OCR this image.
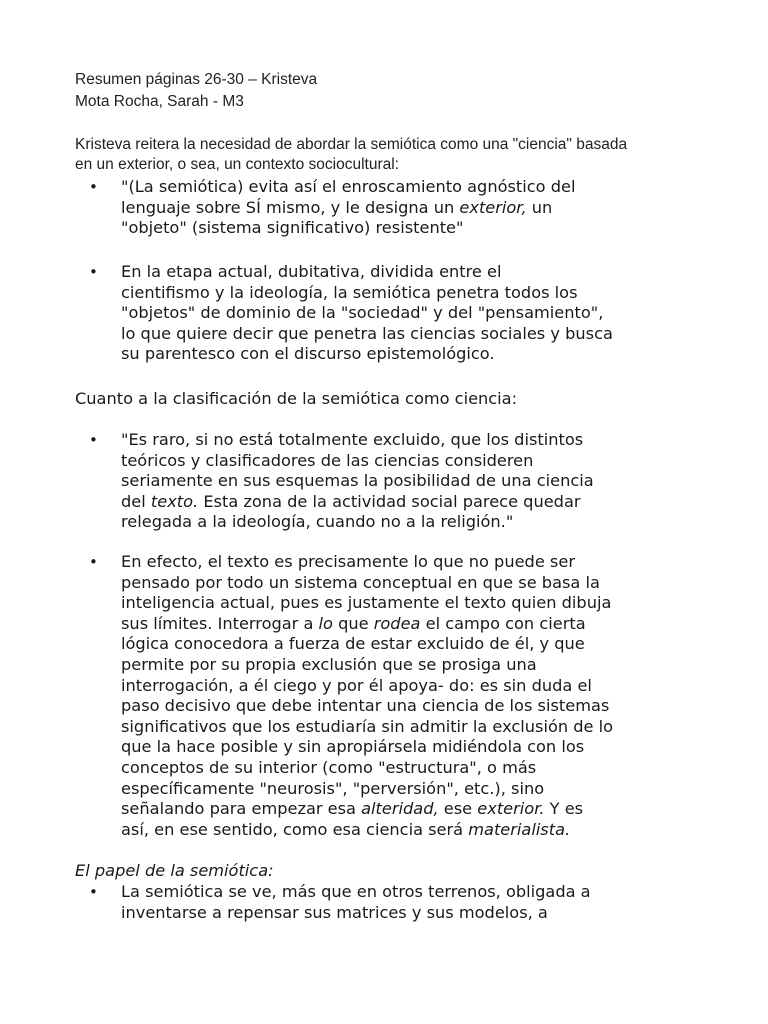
Resumen páginas 26-30 – Kristeva
Mota Rocha, Sarah - M3
Kristeva reitera la necesidad de abordar la semiótica como una "ciencia" basada
en un exterior, o sea, un contexto sociocultural:
• "(La semiótica) evita así el enroscamiento agnóstico del
lenguaje sobre SÍ mismo, y le designa un exterior, un
"objeto" (sistema significativo) resistente"
• En la etapa actual, dubitativa, dividida entre el
cientifismo y la ideología, la semiótica penetra todos los
"objetos" de dominio de la "sociedad" y del "pensamiento",
lo que quiere decir que penetra las ciencias sociales y busca
su parentesco con el discurso epistemológico.
Cuanto a la clasificación de la semiótica como ciencia:
• "Es raro, si no está totalmente excluido, que los distintos
teóricos y clasificadores de las ciencias consideren
seriamente en sus esquemas la posibilidad de una ciencia
del texto. Esta zona de la actividad social parece quedar
relegada a la ideología, cuando no a la religión."
• En efecto, el texto es precisamente lo que no puede ser
pensado por todo un sistema conceptual en que se basa la
inteligencia actual, pues es justamente el texto quien dibuja
sus límites. Interrogar a lo que rodea el campo con cierta
lógica conocedora a fuerza de estar excluido de él, y que
permite por su propia exclusión que se prosiga una
interrogación, a él ciego y por él apoya- do: es sin duda el
paso decisivo que debe intentar una ciencia de los sistemas
significativos que los estudiaría sin admitir la exclusión de lo
que la hace posible y sin apropiársela midiéndola con los
conceptos de su interior (como "estructura", o más
específicamente "neurosis", "perversión", etc.), sino
señalando para empezar esa alteridad, ese exterior. Y es
así, en ese sentido, como esa ciencia será materialista.
El papel de la semiótica:
• La semiótica se ve, más que en otros terrenos, obligada a
inventarse a repensar sus matrices y sus modelos, a
